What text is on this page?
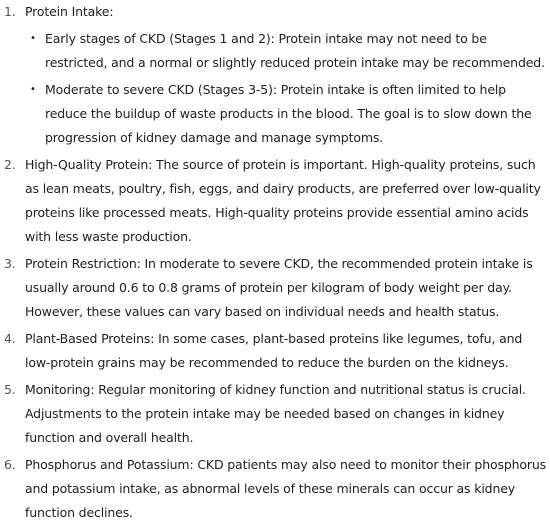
1. Protein Intake:
• Early stages of CKD (Stages 1 and 2): Protein intake may not need to be restricted, and a normal or slightly reduced protein intake may be recommended.
• Moderate to severe CKD (Stages 3-5): Protein intake is often limited to help reduce the buildup of waste products in the blood. The goal is to slow down the progression of kidney damage and manage symptoms.
2. High-Quality Protein: The source of protein is important. High-quality proteins, such as lean meats, poultry, fish, eggs, and dairy products, are preferred over low-quality proteins like processed meats. High-quality proteins provide essential amino acids with less waste production.
3. Protein Restriction: In moderate to severe CKD, the recommended protein intake is usually around 0.6 to 0.8 grams of protein per kilogram of body weight per day. However, these values can vary based on individual needs and health status.
4. Plant-Based Proteins: In some cases, plant-based proteins like legumes, tofu, and low-protein grains may be recommended to reduce the burden on the kidneys.
5. Monitoring: Regular monitoring of kidney function and nutritional status is crucial. Adjustments to the protein intake may be needed based on changes in kidney function and overall health.
6. Phosphorus and Potassium: CKD patients may also need to monitor their phosphorus and potassium intake, as abnormal levels of these minerals can occur as kidney function declines.
